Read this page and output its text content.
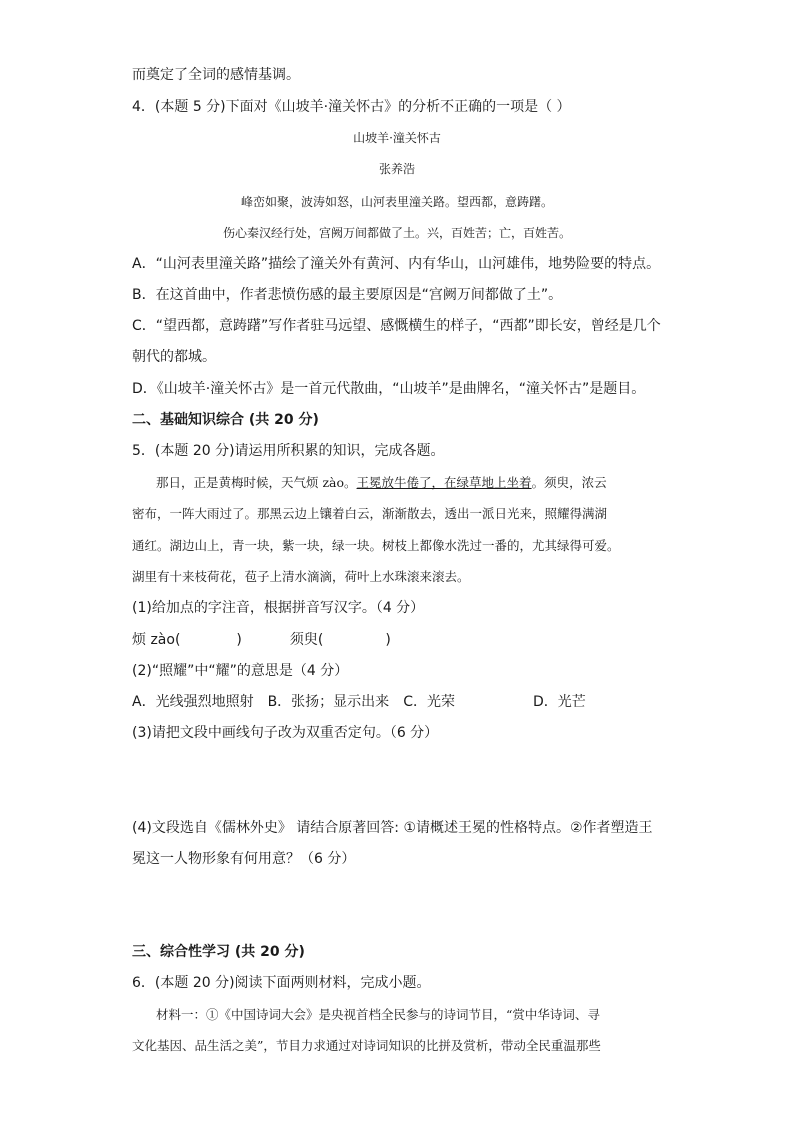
而奠定了全词的感情基调。
4．(本题 5 分)下面对《山坡羊·潼关怀古》的分析不正确的一项是（ ）
山坡羊·潼关怀古
张养浩
峰峦如聚，波涛如怒，山河表里潼关路。望西都，意踌躇。
伤心秦汉经行处，宫阙万间都做了土。兴，百姓苦；亡，百姓苦。
A．“山河表里潼关路”描绘了潼关外有黄河、内有华山，山河雄伟，地势险要的特点。
B．在这首曲中，作者悲愤伤感的最主要原因是“宫阙万间都做了土”。
C．“望西都，意踌躇”写作者驻马远望、感慨横生的样子，“西都”即长安，曾经是几个
朝代的都城。
D．《山坡羊·潼关怀古》是一首元代散曲，“山坡羊”是曲牌名，“潼关怀古”是题目。
二、基础知识综合 (共 20 分)
5．(本题 20 分)请运用所积累的知识，完成各题。
那日，正是黄梅时候，天气烦 zào。王冕放牛倦了，在绿草地上坐着。须臾，浓云
密布，一阵大雨过了。那黑云边上镶着白云，渐渐散去，透出一派日光来，照耀得满湖
通红。湖边山上，青一块，紫一块，绿一块。树枝上都像水洗过一番的，尤其绿得可爱。
湖里有十来枝荷花，苞子上清水滴滴，荷叶上水珠滚来滚去。
(1)给加点的字注音，根据拼音写汉字。（4 分）
烦 zào(	)	须臾(	)
(2)“照耀”中“耀”的意思是（4 分）
A．光线强烈地照射 B．张扬；显示出来 C．光荣	D．光芒
(3)请把文段中画线句子改为双重否定句。（6 分）
(4)文段选自《儒林外史》 请结合原著回答: ①请概述王冕的性格特点。②作者塑造王
冕这一人物形象有何用意？（6 分）
三、综合性学习 (共 20 分)
6．(本题 20 分)阅读下面两则材料，完成小题。
材料一：①《中国诗词大会》是央视首档全民参与的诗词节目，“赏中华诗词、寻
文化基因、品生活之美”，节目力求通过对诗词知识的比拼及赏析，带动全民重温那些
